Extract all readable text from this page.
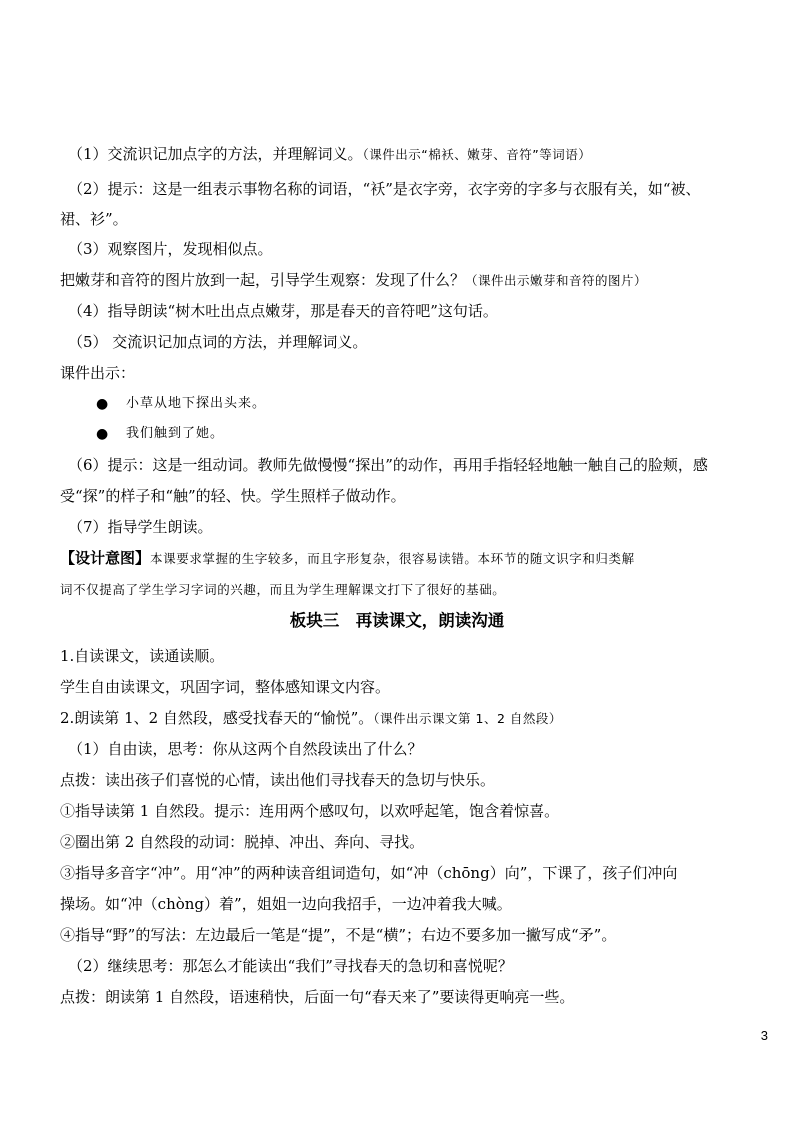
（1）交流识记加点字的方法，并理解词义。（课件出示“棉袄、嫩芽、音符”等词语）
（2）提示：这是一组表示事物名称的词语，“袄”是衣字旁，衣字旁的字多与衣服有关，如“被、
裙、衫”。
（3）观察图片，发现相似点。
把嫩芽和音符的图片放到一起，引导学生观察：发现了什么？（课件出示嫩芽和音符的图片）
（4）指导朗读“树木吐出点点嫩芽，那是春天的音符吧”这句话。
（5） 交流识记加点词的方法，并理解词义。
课件出示：
● 小草从地下探出头来。
● 我们触到了她。
（6）提示：这是一组动词。教师先做慢慢“探出”的动作，再用手指轻轻地触一触自己的脸颊，感
受“探”的样子和“触”的轻、快。学生照样子做动作。
（7）指导学生朗读。
【设计意图】本课要求掌握的生字较多，而且字形复杂，很容易读错。本环节的随文识字和归类解
词不仅提高了学生学习字词的兴趣，而且为学生理解课文打下了很好的基础。
板块三　再读课文，朗读沟通
1.自读课文，读通读顺。
学生自由读课文，巩固字词，整体感知课文内容。
2.朗读第 1、2 自然段，感受找春天的“愉悦”。（课件出示课文第 1、2 自然段）
（1）自由读，思考：你从这两个自然段读出了什么？
点拨：读出孩子们喜悦的心情，读出他们寻找春天的急切与快乐。
①指导读第 1 自然段。提示：连用两个感叹句，以欢呼起笔，饱含着惊喜。
②圈出第 2 自然段的动词：脱掉、冲出、奔向、寻找。
③指导多音字“冲”。用“冲”的两种读音组词造句，如“冲（chōng）向”，下课了，孩子们冲向
操场。如“冲（chòng）着”，姐姐一边向我招手，一边冲着我大喊。
④指导“野”的写法：左边最后一笔是“提”，不是“横”；右边不要多加一撇写成“矛”。
（2）继续思考：那怎么才能读出“我们”寻找春天的急切和喜悦呢？
点拨：朗读第 1 自然段，语速稍快，后面一句“春天来了”要读得更响亮一些。
3
